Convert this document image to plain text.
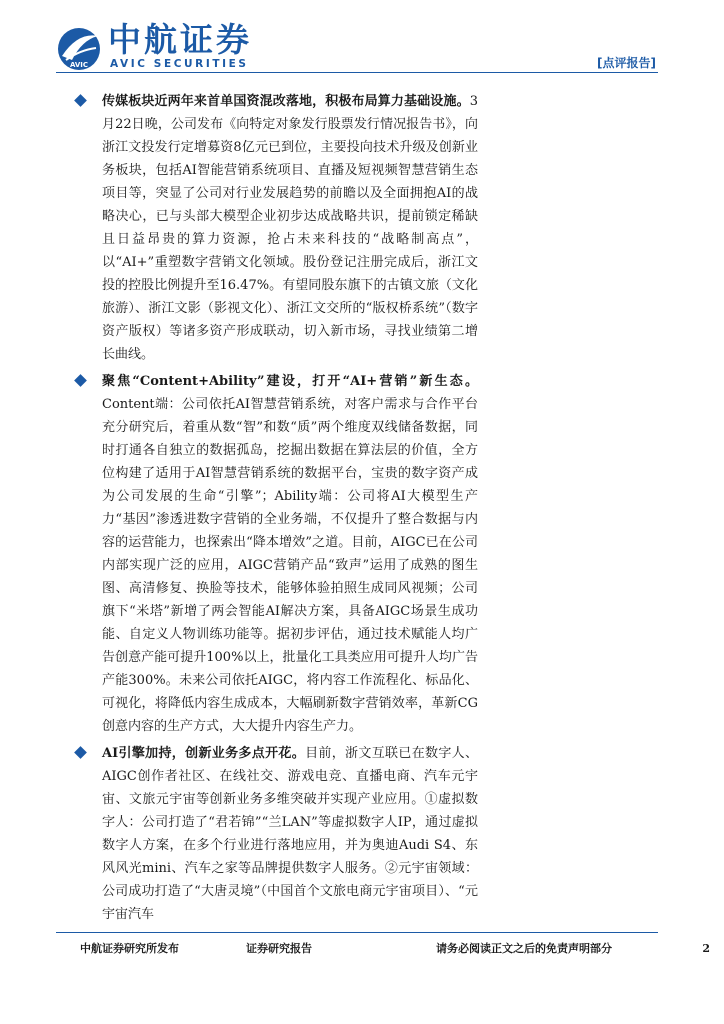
AVIC
中航证券
AVIC SECURITIES	[点评报告]
传媒板块近两年来首单国资混改落地，积极布局算力基础设施。3月22日晚，公司发布《向特定对象发行股票发行情况报告书》，向浙江文投发行定增募资8亿元已到位，主要投向技术升级及创新业务板块，包括AI智能营销系统项目、直播及短视频智慧营销生态项目等，突显了公司对行业发展趋势的前瞻以及全面拥抱AI的战略决心，已与头部大模型企业初步达成战略共识，提前锁定稀缺且日益昂贵的算力资源，抢占未来科技的“战略制高点”，以“AI+”重塑数字营销文化领域。股份登记注册完成后，浙江文投的控股比例提升至16.47%。有望同股东旗下的古镇文旅（文化旅游）、浙江文影（影视文化）、浙江文交所的“版权桥系统”（数字资产版权）等诸多资产形成联动，切入新市场，寻找业绩第二增长曲线。
聚焦“Content+Ability”建设，打开“AI+营销”新生态。Content端：公司依托AI智慧营销系统，对客户需求与合作平台充分研究后，着重从数“智”和数“质”两个维度双线储备数据，同时打通各自独立的数据孤岛，挖掘出数据在算法层的价值，全方位构建了适用于AI智慧营销系统的数据平台，宝贵的数字资产成为公司发展的生命“引擎”；Ability端：公司将AI大模型生产力“基因”渗透进数字营销的全业务端，不仅提升了整合数据与内容的运营能力，也探索出“降本增效”之道。目前，AIGC已在公司内部实现广泛的应用，AIGC营销产品“致声”运用了成熟的图生图、高清修复、换脸等技术，能够体验拍照生成同风视频；公司旗下“米塔”新增了两会智能AI解决方案，具备AIGC场景生成功能、自定义人物训练功能等。据初步评估，通过技术赋能人均广告创意产能可提升100%以上，批量化工具类应用可提升人均广告产能300%。未来公司依托AIGC，将内容工作流程化、标品化、可视化，将降低内容生成成本，大幅刷新数字营销效率，革新CG创意内容的生产方式，大大提升内容生产力。
AI引擎加持，创新业务多点开花。目前，浙文互联已在数字人、AIGC创作者社区、在线社交、游戏电竞、直播电商、汽车元宇宙、文旅元宇宙等创新业务多维突破并实现产业应用。①虚拟数字人：公司打造了“君若锦”“兰LAN”等虚拟数字人IP，通过虚拟数字人方案，在多个行业进行落地应用，并为奥迪Audi S4、东风风光mini、汽车之家等品牌提供数字人服务。②元宇宙领域：公司成功打造了“大唐灵境”（中国首个文旅电商元宇宙项目）、“元宇宙汽车
中航证券研究所发布	证券研究报告	请务必阅读正文之后的免责声明部分	2
